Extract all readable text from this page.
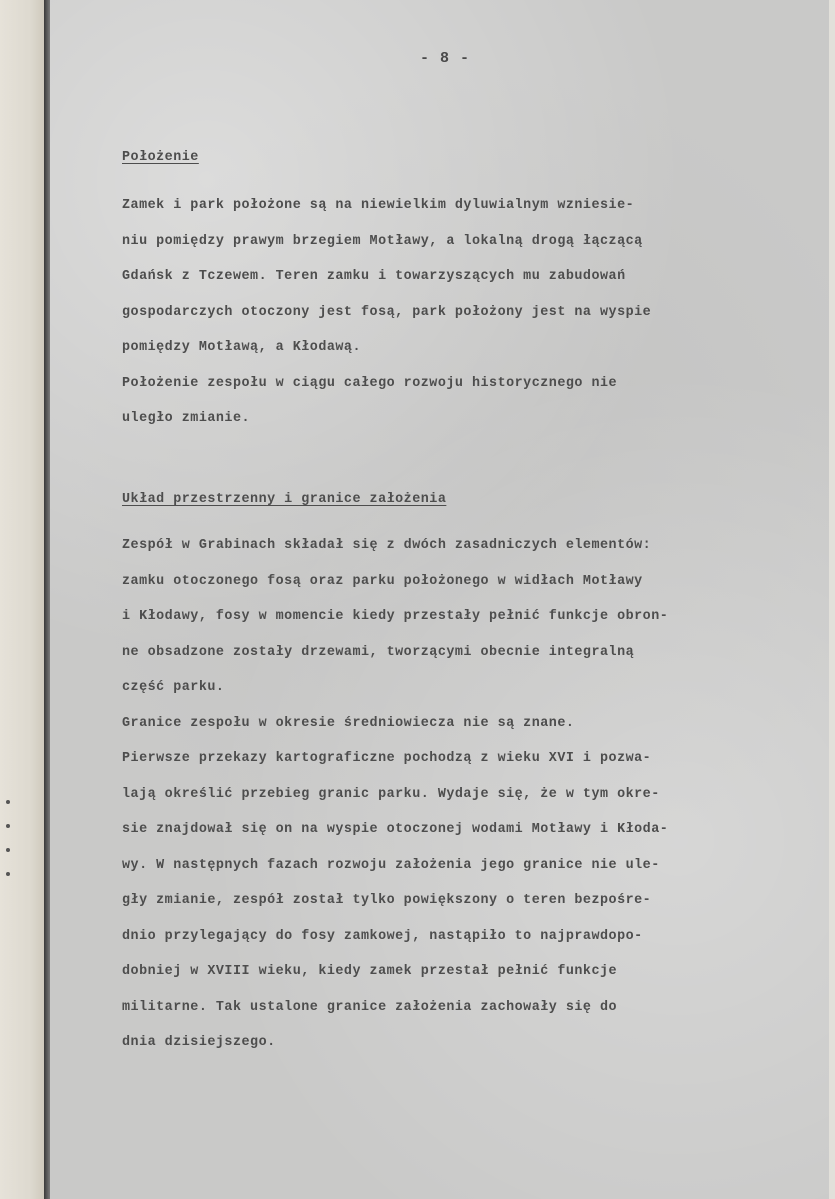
- 8 -

Położenie

Zamek i park położone są na niewielkim dyluwialnym wzniesie-
niu pomiędzy prawym brzegiem Motławy, a lokalną drogą łączącą
Gdańsk z Tczewem. Teren zamku i towarzyszących mu zabudowań
gospodarczych otoczony jest fosą, park położony jest na wyspie
pomiędzy Motławą, a Kłodawą.
Położenie zespołu w ciągu całego rozwoju historycznego nie
uległo zmianie.

Układ przestrzenny i granice założenia

Zespół w Grabinach składał się z dwóch zasadniczych elementów:
zamku otoczonego fosą oraz parku położonego w widłach Motławy
i Kłodawy, fosy w momencie kiedy przestały pełnić funkcje obron-
ne obsadzone zostały drzewami, tworzącymi obecnie integralną
część parku.
Granice zespołu w okresie średniowiecza nie są znane.
Pierwsze przekazy kartograficzne pochodzą z wieku XVI i pozwa-
lają określić przebieg granic parku. Wydaje się, że w tym okre-
sie znajdował się on na wyspie otoczonej wodami Motławy i Kłoda-
wy. W następnych fazach rozwoju założenia jego granice nie ule-
gły zmianie, zespół został tylko powiększony o teren bezpośre-
dnio przylegający do fosy zamkowej, nastąpiło to najprawdopo-
dobniej w XVIII wieku, kiedy zamek przestał pełnić funkcje
militarne. Tak ustalone granice założenia zachowały się do
dnia dzisiejszego.
